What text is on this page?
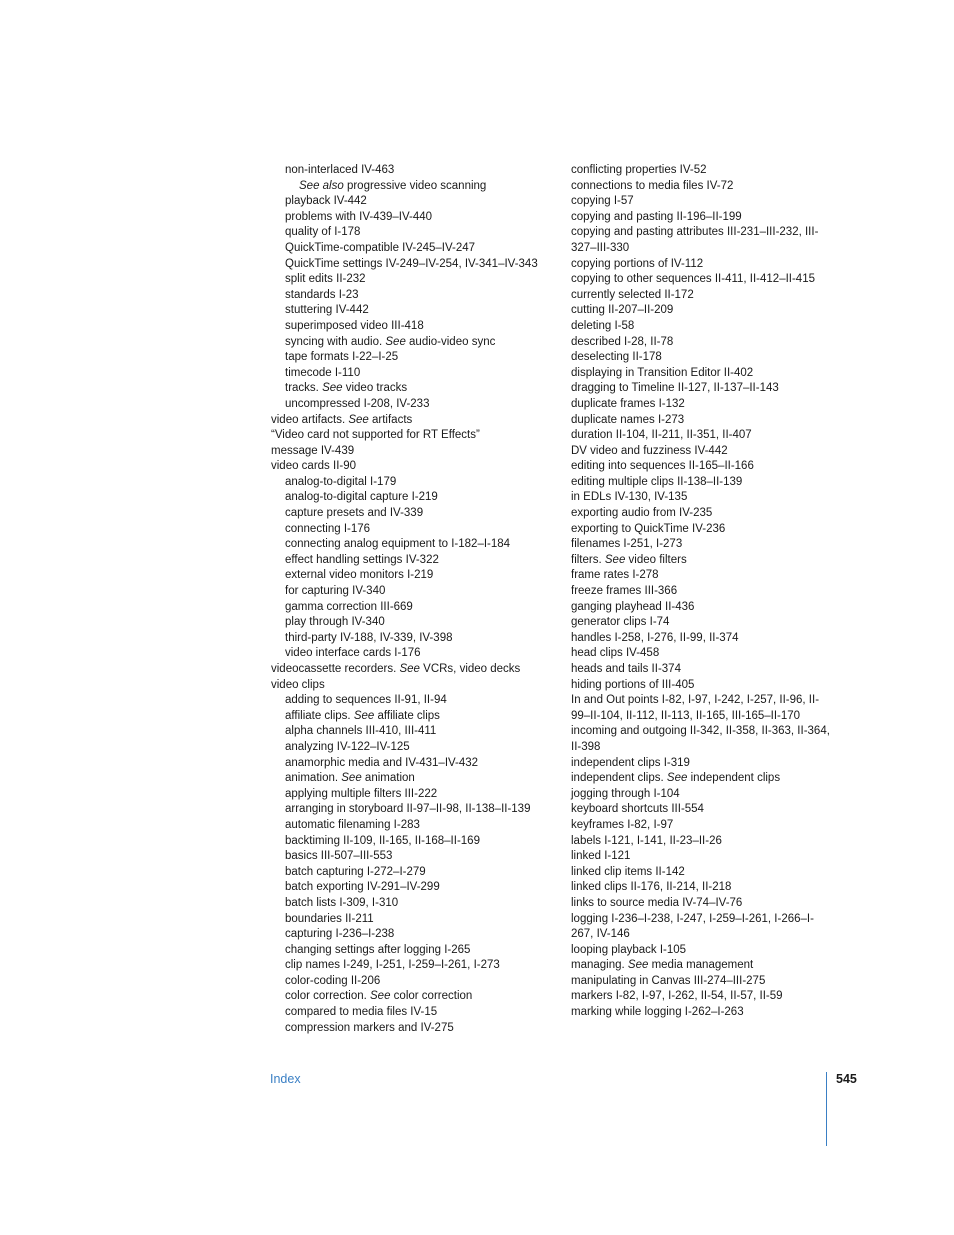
non-interlaced IV-463
See also progressive video scanning
playback IV-442
problems with IV-439–IV-440
quality of I-178
QuickTime-compatible IV-245–IV-247
QuickTime settings IV-249–IV-254, IV-341–IV-343
split edits II-232
standards I-23
stuttering IV-442
superimposed video III-418
syncing with audio. See audio-video sync
tape formats I-22–I-25
timecode I-110
tracks. See video tracks
uncompressed I-208, IV-233
video artifacts. See artifacts
“Video card not supported for RT Effects”
message IV-439
video cards II-90
analog-to-digital I-179
analog-to-digital capture I-219
capture presets and IV-339
connecting I-176
connecting analog equipment to I-182–I-184
effect handling settings IV-322
external video monitors I-219
for capturing IV-340
gamma correction III-669
play through IV-340
third-party IV-188, IV-339, IV-398
video interface cards I-176
videocassette recorders. See VCRs, video decks
video clips
adding to sequences II-91, II-94
affiliate clips. See affiliate clips
alpha channels III-410, III-411
analyzing IV-122–IV-125
anamorphic media and IV-431–IV-432
animation. See animation
applying multiple filters III-222
arranging in storyboard II-97–II-98, II-138–II-139
automatic filenaming I-283
backtiming II-109, II-165, II-168–II-169
basics III-507–III-553
batch capturing I-272–I-279
batch exporting IV-291–IV-299
batch lists I-309, I-310
boundaries II-211
capturing I-236–I-238
changing settings after logging I-265
clip names I-249, I-251, I-259–I-261, I-273
color-coding II-206
color correction. See color correction
compared to media files IV-15
compression markers and IV-275
conflicting properties IV-52
connections to media files IV-72
copying I-57
copying and pasting II-196–II-199
copying and pasting attributes III-231–III-232, III-327–III-330
copying portions of IV-112
copying to other sequences II-411, II-412–II-415
currently selected II-172
cutting II-207–II-209
deleting I-58
described I-28, II-78
deselecting II-178
displaying in Transition Editor II-402
dragging to Timeline II-127, II-137–II-143
duplicate frames I-132
duplicate names I-273
duration II-104, II-211, II-351, II-407
DV video and fuzziness IV-442
editing into sequences II-165–II-166
editing multiple clips II-138–II-139
in EDLs IV-130, IV-135
exporting audio from IV-235
exporting to QuickTime IV-236
filenames I-251, I-273
filters. See video filters
frame rates I-278
freeze frames III-366
ganging playhead II-436
generator clips I-74
handles I-258, I-276, II-99, II-374
head clips IV-458
heads and tails II-374
hiding portions of III-405
In and Out points I-82, I-97, I-242, I-257, II-96, II-99–II-104, II-112, II-113, II-165, III-165–II-170
incoming and outgoing II-342, II-358, II-363, II-364, II-398
independent clips I-319
independent clips. See independent clips
jogging through I-104
keyboard shortcuts III-554
keyframes I-82, I-97
labels I-121, I-141, II-23–II-26
linked I-121
linked clip items II-142
linked clips II-176, II-214, II-218
links to source media IV-74–IV-76
logging I-236–I-238, I-247, I-259–I-261, I-266–I-267, IV-146
looping playback I-105
managing. See media management
manipulating in Canvas III-274–III-275
markers I-82, I-97, I-262, II-54, II-57, II-59
marking while logging I-262–I-263
Index	545
